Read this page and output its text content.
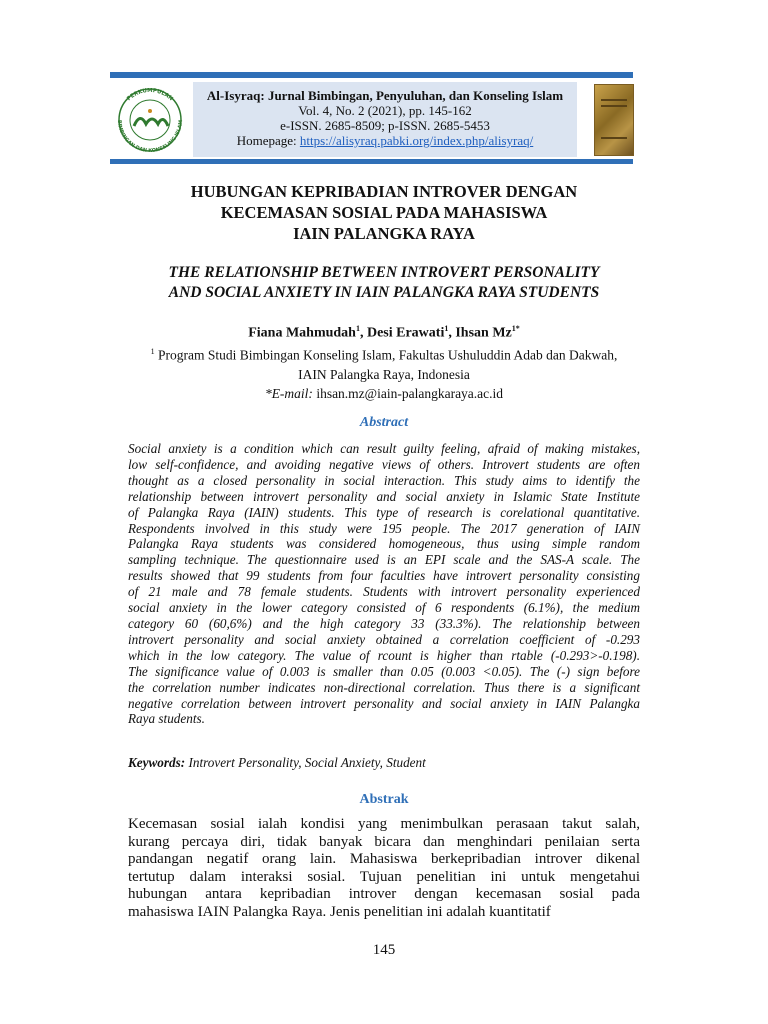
PERKUMPULAN
BIMBINGAN DAN KONSELING ISLAM
Al-Isyraq: Jurnal Bimbingan, Penyuluhan, dan Konseling Islam
Vol. 4, No. 2 (2021), pp. 145-162
e-ISSN. 2685-8509; p-ISSN. 2685-5453
Homepage: https://alisyraq.pabki.org/index.php/alisyraq/
HUBUNGAN KEPRIBADIAN INTROVER DENGAN
KECEMASAN SOSIAL PADA MAHASISWA
IAIN PALANGKA RAYA
THE RELATIONSHIP BETWEEN INTROVERT PERSONALITY
AND SOCIAL ANXIETY IN IAIN PALANGKA RAYA STUDENTS
Fiana Mahmudah$^1$, Desi Erawati$^1$, Ihsan $Mz^{1*}$
$^1$ Program Studi Bimbingan Konseling Islam, Fakultas Ushuluddin Adab dan Dakwah,
IAIN Palangka Raya, Indonesia
*E-mail: ihsan.mz@iain-palangkaraya.ac.id
Abstract
Social anxiety is a condition which can result guilty feeling, afraid of making mistakes,
low self-confidence, and avoiding negative views of others. Introvert students are often
thought as a closed personality in social interaction. This study aims to identify the
relationship between introvert personality and social anxiety in Islamic State Institute
of Palangka Raya (IAIN) students. This type of research is corelational quantitative.
Respondents involved in this study were 195 people. The 2017 generation of IAIN
Palangka Raya students was considered homogeneous, thus using simple random
sampling technique. The questionnaire used is an EPI scale and the SAS-A scale. The
results showed that 99 students from four faculties have introvert personality consisting
of 21 male and 78 female students. Students with introvert personality experienced
social anxiety in the lower category consisted of 6 respondents (6.1%), the medium
category 60 (60,6%) and the high category 33 (33.3%). The relationship between
introvert personality and social anxiety obtained a correlation coefficient of -0.293
which in the low category. The value of rcount is higher than rtable (-0.293>-0.198).
The significance value of 0.003 is smaller than 0.05 (0.003 <0.05). The (-) sign before
the correlation number indicates non-directional correlation. Thus there is a significant
negative correlation between introvert personality and social anxiety in IAIN Palangka
Raya students.
Keywords: Introvert Personality, Social Anxiety, Student
Abstrak
Kecemasan sosial ialah kondisi yang menimbulkan perasaan takut salah,
kurang percaya diri, tidak banyak bicara dan menghindari penilaian serta
pandangan negatif orang lain. Mahasiswa berkepribadian introver dikenal
tertutup dalam interaksi sosial. Tujuan penelitian ini untuk mengetahui
hubungan antara kepribadian introver dengan kecemasan sosial pada
mahasiswa IAIN Palangka Raya. Jenis penelitian ini adalah kuantitatif
145
